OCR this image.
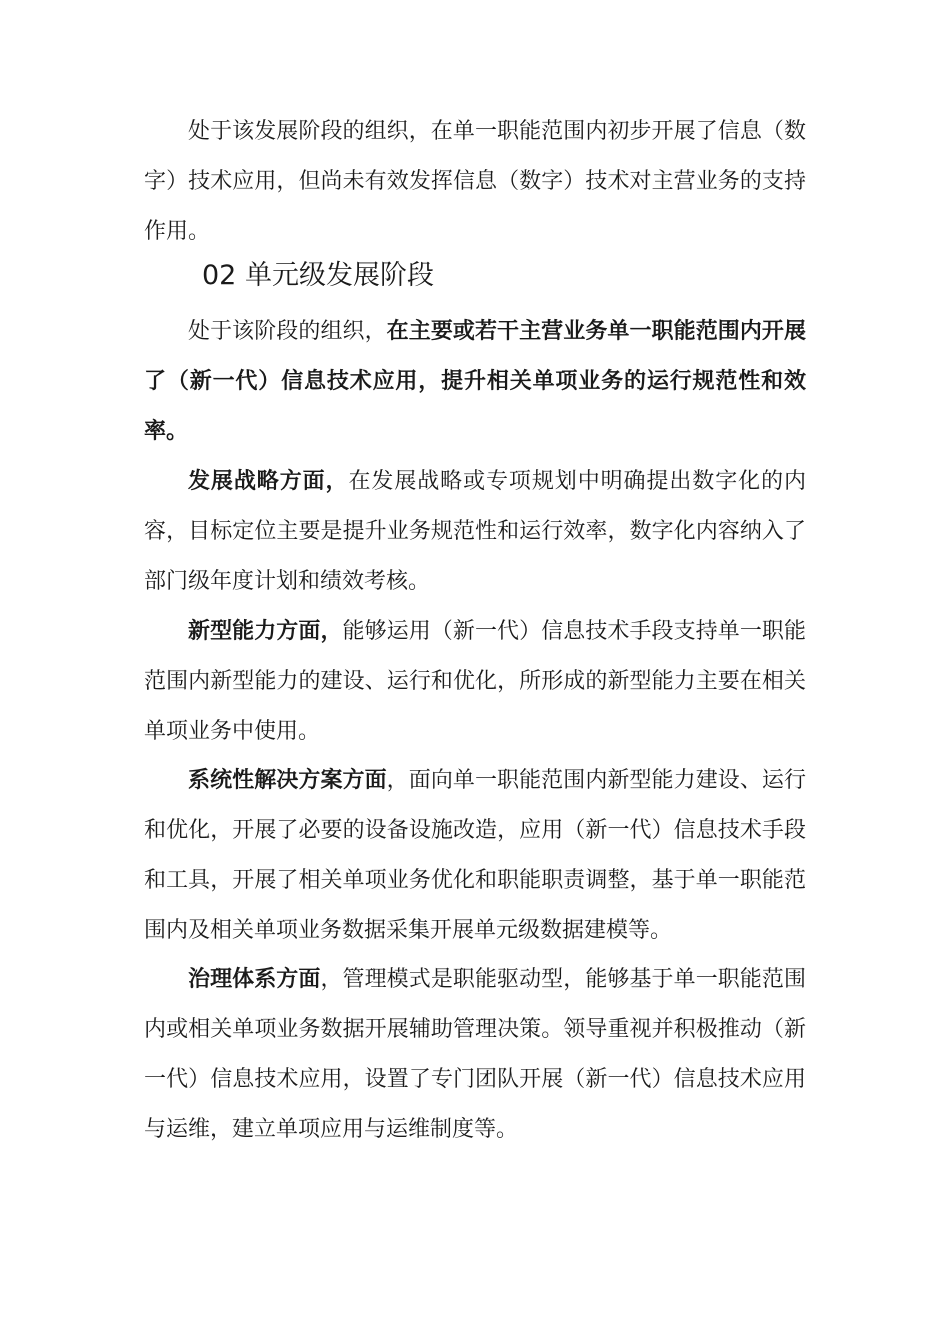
处于该发展阶段的组织，在单一职能范围内初步开展了信息（数字）技术应用，但尚未有效发挥信息（数字）技术对主营业务的支持作用。

02 单元级发展阶段

处于该阶段的组织，在主要或若干主营业务单一职能范围内开展了（新一代）信息技术应用，提升相关单项业务的运行规范性和效率。

发展战略方面，在发展战略或专项规划中明确提出数字化的内容，目标定位主要是提升业务规范性和运行效率，数字化内容纳入了部门级年度计划和绩效考核。

新型能力方面，能够运用（新一代）信息技术手段支持单一职能范围内新型能力的建设、运行和优化，所形成的新型能力主要在相关单项业务中使用。

系统性解决方案方面，面向单一职能范围内新型能力建设、运行和优化，开展了必要的设备设施改造，应用（新一代）信息技术手段和工具，开展了相关单项业务优化和职能职责调整，基于单一职能范围内及相关单项业务数据采集开展单元级数据建模等。

治理体系方面，管理模式是职能驱动型，能够基于单一职能范围内或相关单项业务数据开展辅助管理决策。领导重视并积极推动（新一代）信息技术应用，设置了专门团队开展（新一代）信息技术应用与运维，建立单项应用与运维制度等。
